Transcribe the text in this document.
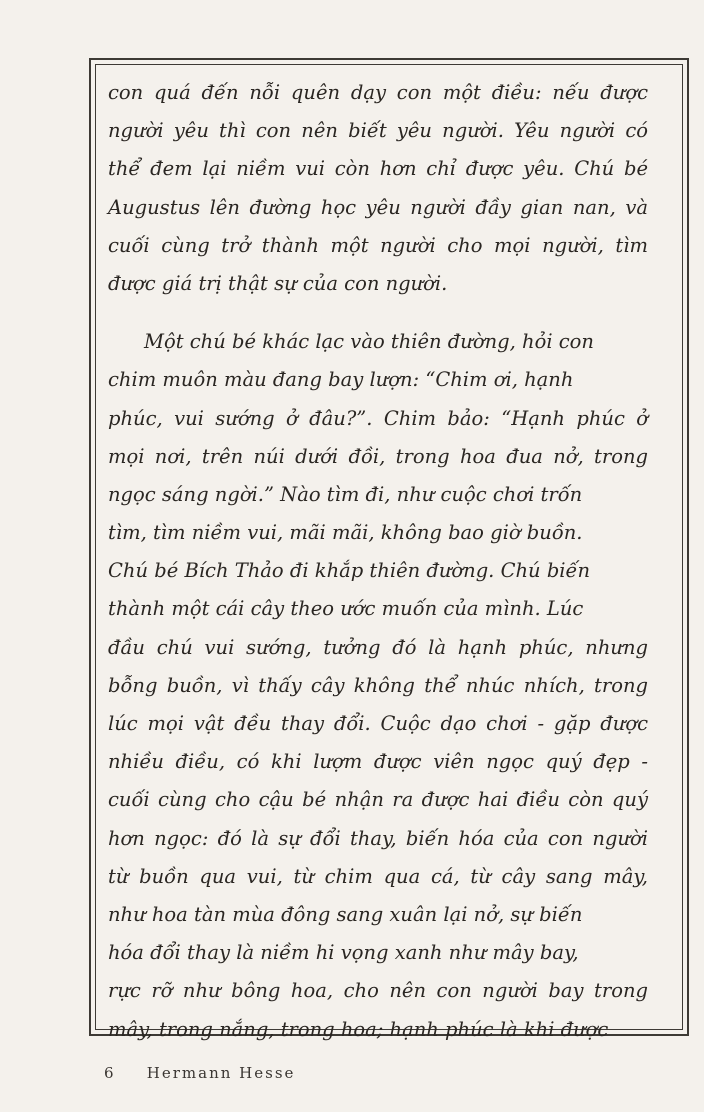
con quá đến nỗi quên dạy con một điều: nếu được
người yêu thì con nên biết yêu người. Yêu người có
thể đem lại niềm vui còn hơn chỉ được yêu. Chú bé
Augustus lên đường học yêu người đầy gian nan, và
cuối cùng trở thành một người cho mọi người, tìm
được giá trị thật sự của con người.
Một chú bé khác lạc vào thiên đường, hỏi con
chim muôn màu đang bay lượn: “Chim ơi, hạnh
phúc, vui sướng ở đâu?”. Chim bảo: “Hạnh phúc ở
mọi nơi, trên núi dưới đồi, trong hoa đua nở, trong
ngọc sáng ngời.” Nào tìm đi, như cuộc chơi trốn
tìm, tìm niềm vui, mãi mãi, không bao giờ buồn.
Chú bé Bích Thảo đi khắp thiên đường. Chú biến
thành một cái cây theo ước muốn của mình. Lúc
đầu chú vui sướng, tưởng đó là hạnh phúc, nhưng
bỗng buồn, vì thấy cây không thể nhúc nhích, trong
lúc mọi vật đều thay đổi. Cuộc dạo chơi - gặp được
nhiều điều, có khi lượm được viên ngọc quý đẹp -
cuối cùng cho cậu bé nhận ra được hai điều còn quý
hơn ngọc: đó là sự đổi thay, biến hóa của con người
từ buồn qua vui, từ chim qua cá, từ cây sang mây,
như hoa tàn mùa đông sang xuân lại nở, sự biến
hóa đổi thay là niềm hi vọng xanh như mây bay,
rực rỡ như bông hoa, cho nên con người bay trong
mây, trong nắng, trong hoa; hạnh phúc là khi được
6 Hermann Hesse
